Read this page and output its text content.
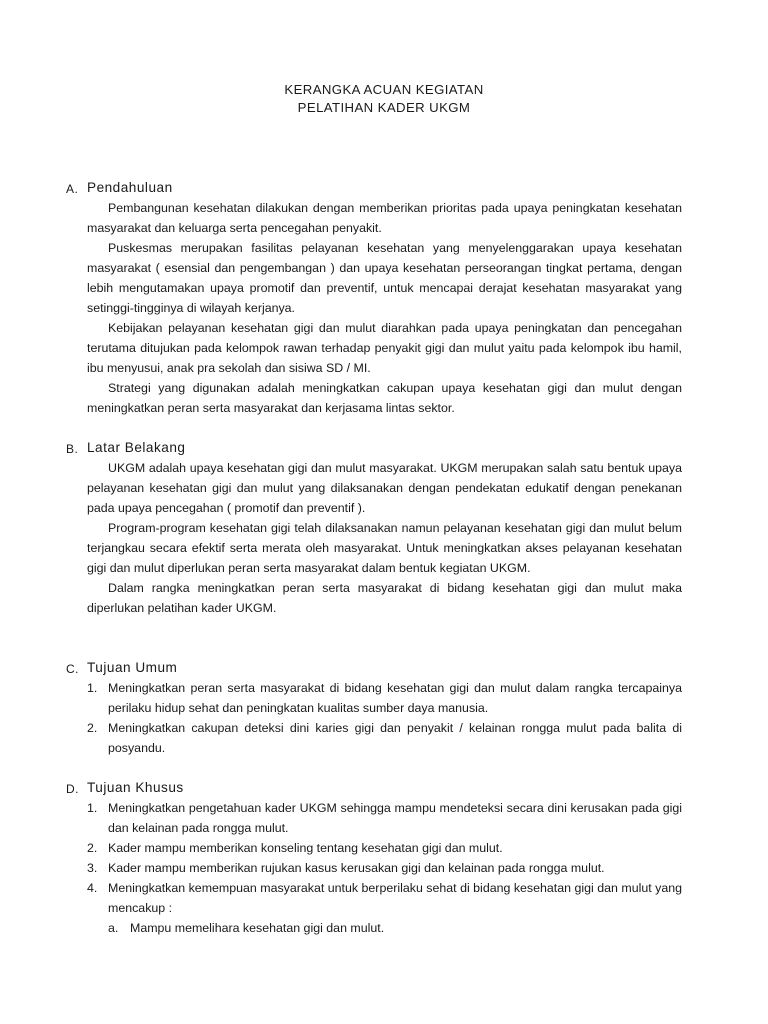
KERANGKA ACUAN KEGIATAN
PELATIHAN KADER UKGM
A. Pendahuluan

Pembangunan kesehatan dilakukan dengan memberikan prioritas pada upaya peningkatan kesehatan masyarakat dan keluarga serta pencegahan penyakit.

Puskesmas merupakan fasilitas pelayanan kesehatan yang menyelenggarakan upaya kesehatan masyarakat ( esensial dan pengembangan ) dan upaya kesehatan perseorangan tingkat pertama, dengan lebih mengutamakan upaya promotif dan preventif, untuk mencapai derajat kesehatan masyarakat yang setinggi-tingginya di wilayah kerjanya.

Kebijakan pelayanan kesehatan gigi dan mulut diarahkan pada upaya peningkatan dan pencegahan terutama ditujukan pada kelompok rawan terhadap penyakit gigi dan mulut yaitu pada kelompok ibu hamil, ibu menyusui, anak pra sekolah dan sisiwa SD / MI.

Strategi yang digunakan adalah meningkatkan cakupan upaya kesehatan gigi dan mulut dengan meningkatkan peran serta masyarakat dan kerjasama lintas sektor.

B. Latar Belakang

UKGM adalah upaya kesehatan gigi dan mulut masyarakat. UKGM merupakan salah satu bentuk upaya pelayanan kesehatan gigi dan mulut yang dilaksanakan dengan pendekatan edukatif dengan penekanan pada upaya pencegahan ( promotif dan preventif ).

Program-program kesehatan gigi telah dilaksanakan namun pelayanan kesehatan gigi dan mulut belum terjangkau secara efektif serta merata oleh masyarakat. Untuk meningkatkan akses pelayanan kesehatan gigi dan mulut diperlukan peran serta masyarakat dalam bentuk kegiatan UKGM.

Dalam rangka meningkatkan peran serta masyarakat di bidang kesehatan gigi dan mulut maka diperlukan pelatihan kader UKGM.

C. Tujuan Umum
1. Meningkatkan peran serta masyarakat di bidang kesehatan gigi dan mulut dalam rangka tercapainya perilaku hidup sehat dan peningkatan kualitas sumber daya manusia.
2. Meningkatkan cakupan deteksi dini karies gigi dan penyakit / kelainan rongga mulut pada balita di posyandu.
D. Tujuan Khusus
1. Meningkatkan pengetahuan kader UKGM sehingga mampu mendeteksi secara dini kerusakan pada gigi dan kelainan pada rongga mulut.
2. Kader mampu memberikan konseling tentang kesehatan gigi dan mulut.
3. Kader mampu memberikan rujukan kasus kerusakan gigi dan kelainan pada rongga mulut.
4. Meningkatkan kemempuan masyarakat untuk berperilaku sehat di bidang kesehatan gigi dan mulut yang mencakup :
a. Mampu memelihara kesehatan gigi dan mulut.
